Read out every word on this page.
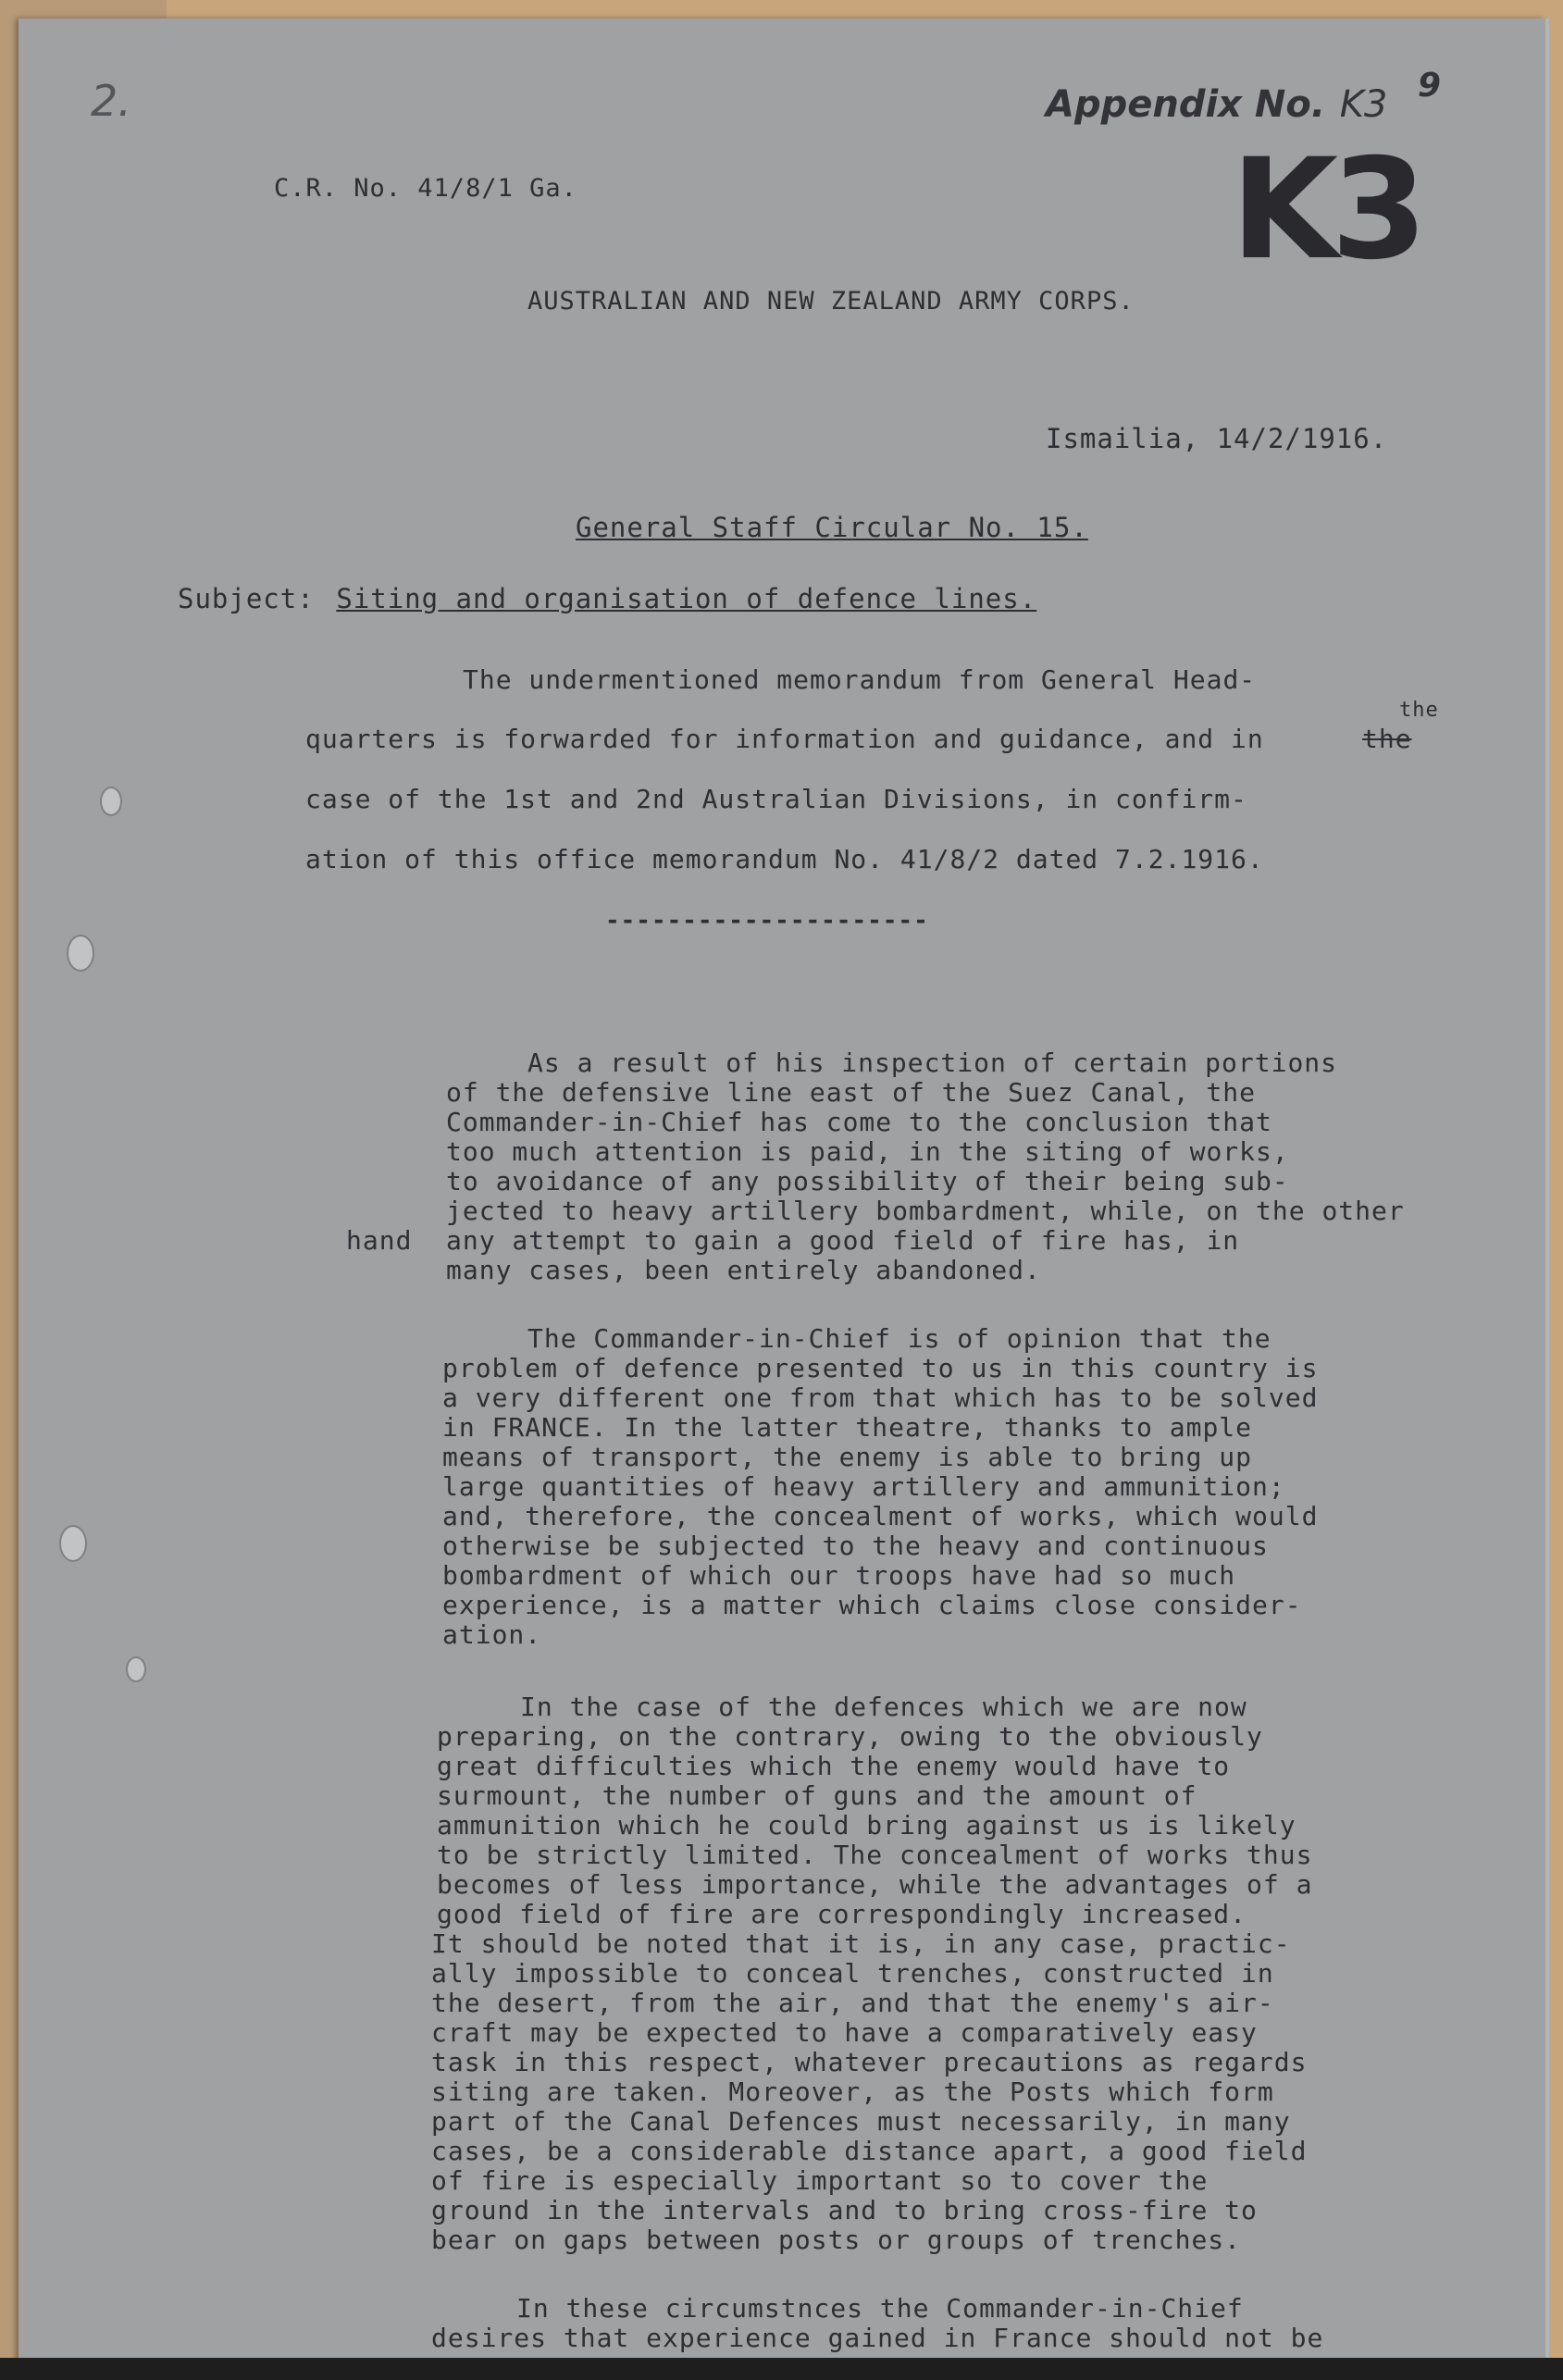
2.	Appendix No. K3 9
K3
C.R. No. 41/8/1 Ga.
AUSTRALIAN AND NEW ZEALAND ARMY CORPS.
Ismailia, 14/2/1916.
General Staff Circular No. 15.
Subject: Siting and organisation of defence lines.
The undermentioned memorandum from General Head-
quarters is forwarded for information and guidance, and in
the
the
case of the 1st and 2nd Australian Divisions, in confirm-
ation of this office memorandum No. 41/8/2 dated 7.2.1916.
---------------------
As a result of his inspection of certain portions
of the defensive line east of the Suez Canal, the
Commander-in-Chief has come to the conclusion that
too much attention is paid, in the siting of works,
to avoidance of any possibility of their being sub-
jected to heavy artillery bombardment, while, on the other
hand any attempt to gain a good field of fire has, in
many cases, been entirely abandoned.
The Commander-in-Chief is of opinion that the
problem of defence presented to us in this country is
a very different one from that which has to be solved
in FRANCE. In the latter theatre, thanks to ample
means of transport, the enemy is able to bring up
large quantities of heavy artillery and ammunition;
and, therefore, the concealment of works, which would
otherwise be subjected to the heavy and continuous
bombardment of which our troops have had so much
experience, is a matter which claims close consider-
ation.
In the case of the defences which we are now
preparing, on the contrary, owing to the obviously
great difficulties which the enemy would have to
surmount, the number of guns and the amount of
ammunition which he could bring against us is likely
to be strictly limited. The concealment of works thus
becomes of less importance, while the advantages of a
good field of fire are correspondingly increased.
It should be noted that it is, in any case, practic-
ally impossible to conceal trenches, constructed in
the desert, from the air, and that the enemy's air-
craft may be expected to have a comparatively easy
task in this respect, whatever precautions as regards
siting are taken. Moreover, as the Posts which form
part of the Canal Defences must necessarily, in many
cases, be a considerable distance apart, a good field
of fire is especially important so to cover the
ground in the intervals and to bring cross-fire to
bear on gaps between posts or groups of trenches.
In these circumstnces the Commander-in-Chief
desires that experience gained in France should not be
